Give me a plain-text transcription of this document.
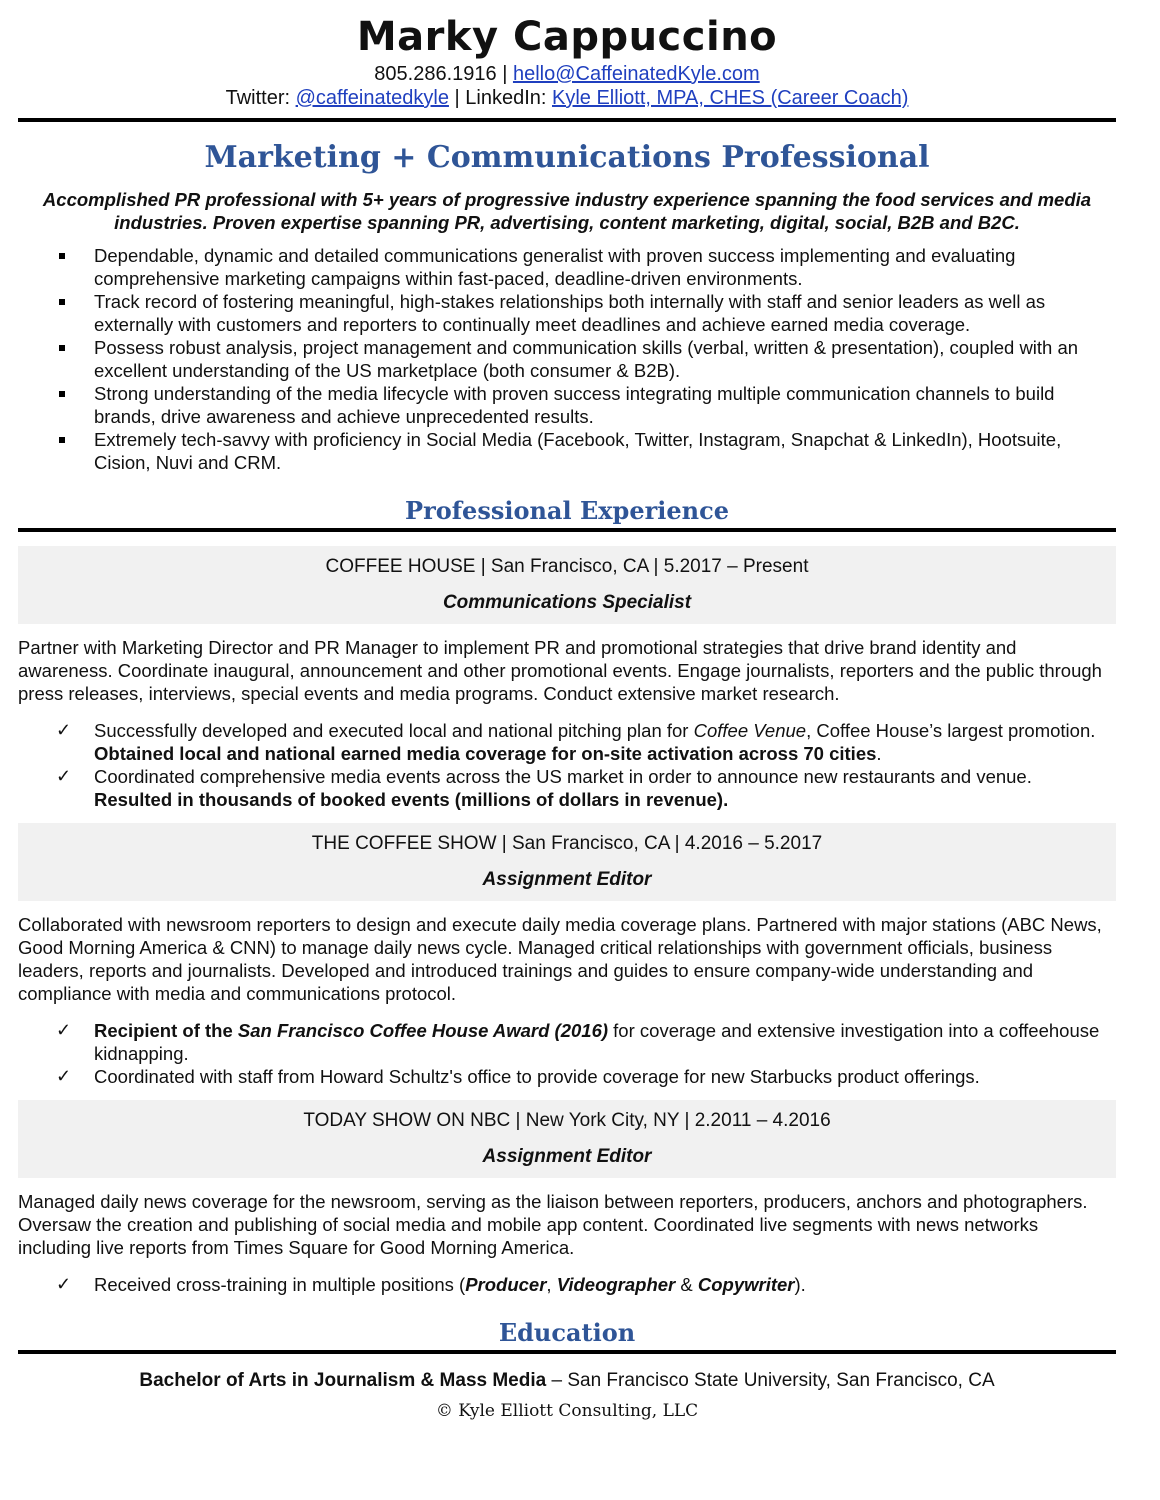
Marky Cappuccino
805.286.1916 | hello@CaffeinatedKyle.com
Twitter: @caffeinatedkyle | LinkedIn: Kyle Elliott, MPA, CHES (Career Coach)
Marketing + Communications Professional
Accomplished PR professional with 5+ years of progressive industry experience spanning the food services and media industries. Proven expertise spanning PR, advertising, content marketing, digital, social, B2B and B2C.
Dependable, dynamic and detailed communications generalist with proven success implementing and evaluating comprehensive marketing campaigns within fast-paced, deadline-driven environments.
Track record of fostering meaningful, high-stakes relationships both internally with staff and senior leaders as well as externally with customers and reporters to continually meet deadlines and achieve earned media coverage.
Possess robust analysis, project management and communication skills (verbal, written & presentation), coupled with an excellent understanding of the US marketplace (both consumer & B2B).
Strong understanding of the media lifecycle with proven success integrating multiple communication channels to build brands, drive awareness and achieve unprecedented results.
Extremely tech-savvy with proficiency in Social Media (Facebook, Twitter, Instagram, Snapchat & LinkedIn), Hootsuite, Cision, Nuvi and CRM.
Professional Experience
COFFEE HOUSE | San Francisco, CA | 5.2017 – Present
Communications Specialist
Partner with Marketing Director and PR Manager to implement PR and promotional strategies that drive brand identity and awareness. Coordinate inaugural, announcement and other promotional events. Engage journalists, reporters and the public through press releases, interviews, special events and media programs. Conduct extensive market research.
✓ Successfully developed and executed local and national pitching plan for Coffee Venue, Coffee House’s largest promotion. Obtained local and national earned media coverage for on-site activation across 70 cities.
✓ Coordinated comprehensive media events across the US market in order to announce new restaurants and venue. Resulted in thousands of booked events (millions of dollars in revenue).
THE COFFEE SHOW | San Francisco, CA | 4.2016 – 5.2017
Assignment Editor
Collaborated with newsroom reporters to design and execute daily media coverage plans. Partnered with major stations (ABC News, Good Morning America & CNN) to manage daily news cycle. Managed critical relationships with government officials, business leaders, reports and journalists. Developed and introduced trainings and guides to ensure company-wide understanding and compliance with media and communications protocol.
✓ Recipient of the San Francisco Coffee House Award (2016) for coverage and extensive investigation into a coffeehouse kidnapping.
✓ Coordinated with staff from Howard Schultz's office to provide coverage for new Starbucks product offerings.
TODAY SHOW ON NBC | New York City, NY | 2.2011 – 4.2016
Assignment Editor
Managed daily news coverage for the newsroom, serving as the liaison between reporters, producers, anchors and photographers. Oversaw the creation and publishing of social media and mobile app content. Coordinated live segments with news networks including live reports from Times Square for Good Morning America.
✓ Received cross-training in multiple positions (Producer, Videographer & Copywriter).
Education
Bachelor of Arts in Journalism & Mass Media – San Francisco State University, San Francisco, CA
© Kyle Elliott Consulting, LLC
